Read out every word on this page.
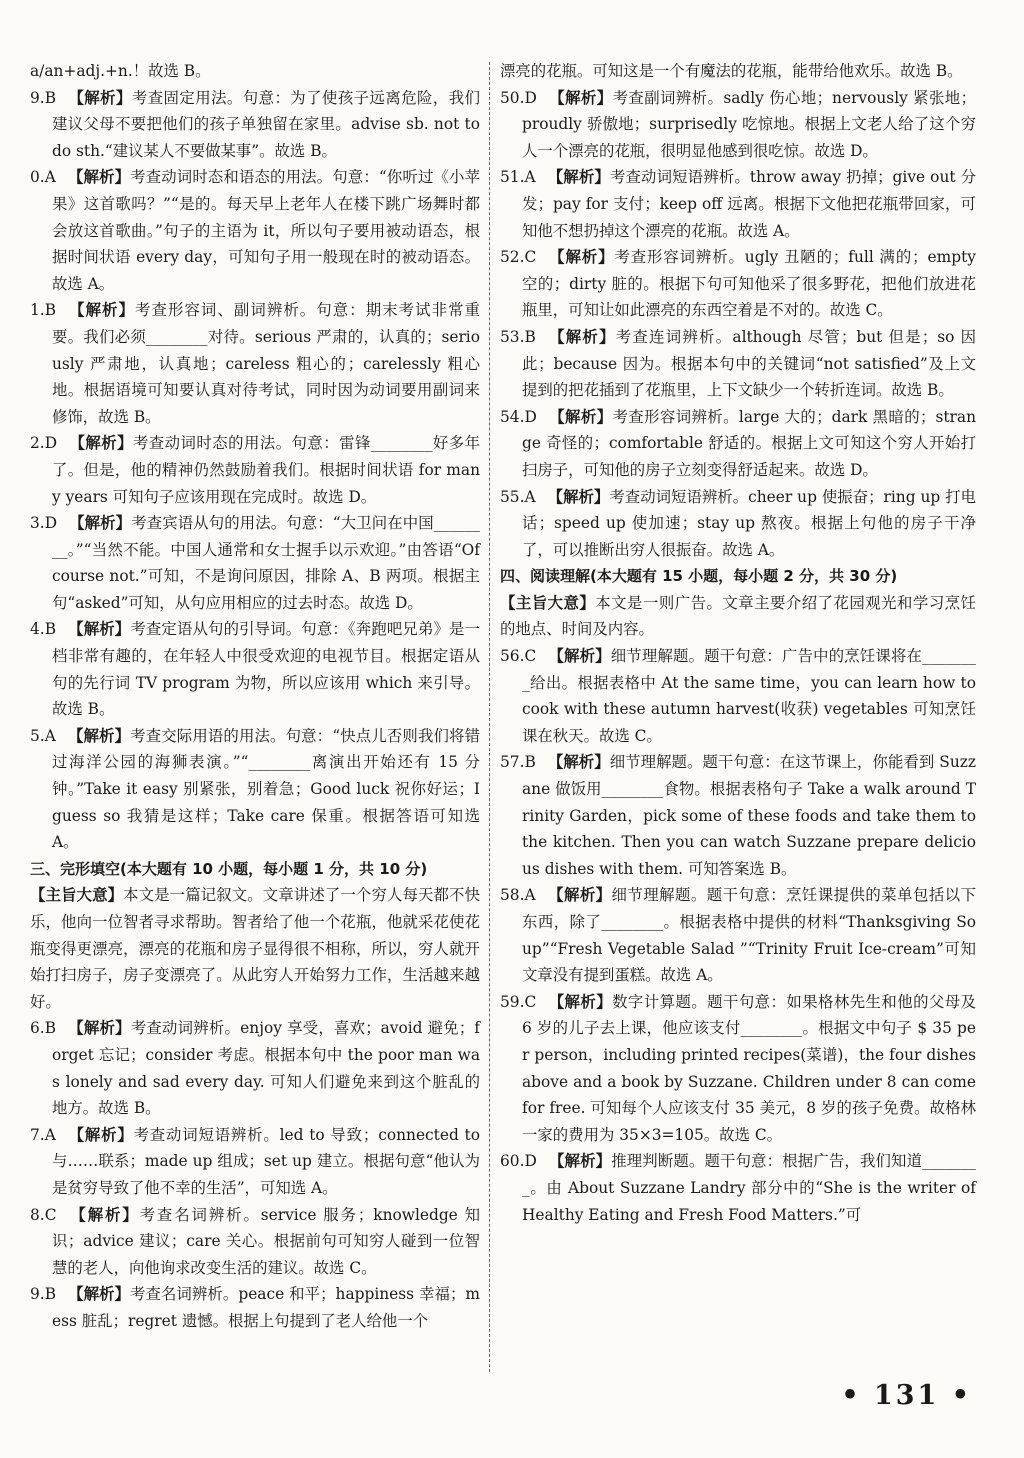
a/an+adj.+n.！故选 B。

9.B 【解析】考查固定用法。句意：为了使孩子远离危险，我们建议父母不要把他们的孩子单独留在家里。advise sb. not to do sth.“建议某人不要做某事”。故选 B。

0.A 【解析】考查动词时态和语态的用法。句意：“你听过《小苹果》这首歌吗？”“是的。每天早上老年人在楼下跳广场舞时都会放这首歌曲。”句子的主语为 it，所以句子要用被动语态，根据时间状语 every day，可知句子用一般现在时的被动语态。故选 A。

1.B 【解析】考查形容词、副词辨析。句意：期末考试非常重要。我们必须________对待。serious 严肃的，认真的；seriously 严肃地，认真地；careless 粗心的；carelessly 粗心地。根据语境可知要认真对待考试，同时因为动词要用副词来修饰，故选 B。

2.D 【解析】考查动词时态的用法。句意：雷锋________好多年了。但是，他的精神仍然鼓励着我们。根据时间状语 for many years 可知句子应该用现在完成时。故选 D。

3.D 【解析】考查宾语从句的用法。句意：“大卫问在中国________。”“当然不能。中国人通常和女士握手以示欢迎。”由答语“Of course not.”可知，不是询问原因，排除 A、B 两项。根据主句“asked”可知，从句应用相应的过去时态。故选 D。

4.B 【解析】考查定语从句的引导词。句意：《奔跑吧兄弟》是一档非常有趣的，在年轻人中很受欢迎的电视节目。根据定语从句的先行词 TV program 为物，所以应该用 which 来引导。故选 B。

5.A 【解析】考查交际用语的用法。句意：“快点儿否则我们将错过海洋公园的海狮表演。”“________离演出开始还有 15 分钟。”Take it easy 别紧张，别着急；Good luck 祝你好运；I guess so 我猜是这样；Take care 保重。根据答语可知选 A。

三、完形填空(本大题有 10 小题，每小题 1 分，共 10 分)

【主旨大意】本文是一篇记叙文。文章讲述了一个穷人每天都不快乐，他向一位智者寻求帮助。智者给了他一个花瓶，他就采花使花瓶变得更漂亮，漂亮的花瓶和房子显得很不相称，所以，穷人就开始打扫房子，房子变漂亮了。从此穷人开始努力工作，生活越来越好。

6.B 【解析】考查动词辨析。enjoy 享受，喜欢；avoid 避免；forget 忘记；consider 考虑。根据本句中 the poor man was lonely and sad every day. 可知人们避免来到这个脏乱的地方。故选 B。

7.A 【解析】考查动词短语辨析。led to 导致；connected to 与……联系；made up 组成；set up 建立。根据句意“他认为是贫穷导致了他不幸的生活”，可知选 A。

8.C 【解析】考查名词辨析。service 服务；knowledge 知识；advice 建议；care 关心。根据前句可知穷人碰到一位智慧的老人，向他询求改变生活的建议。故选 C。

9.B 【解析】考查名词辨析。peace 和平；happiness 幸福；mess 脏乱；regret 遗憾。根据上句提到了老人给他一个

漂亮的花瓶。可知这是一个有魔法的花瓶，能带给他欢乐。故选 B。

50.D 【解析】考查副词辨析。sadly 伤心地；nervously 紧张地；proudly 骄傲地；surprisedly 吃惊地。根据上文老人给了这个穷人一个漂亮的花瓶，很明显他感到很吃惊。故选 D。

51.A 【解析】考查动词短语辨析。throw away 扔掉；give out 分发；pay for 支付；keep off 远离。根据下文他把花瓶带回家，可知他不想扔掉这个漂亮的花瓶。故选 A。

52.C 【解析】考查形容词辨析。ugly 丑陋的；full 满的；empty 空的；dirty 脏的。根据下句可知他采了很多野花，把他们放进花瓶里，可知让如此漂亮的东西空着是不对的。故选 C。

53.B 【解析】考查连词辨析。although 尽管；but 但是；so 因此；because 因为。根据本句中的关键词“not satisfied”及上文提到的把花插到了花瓶里，上下文缺少一个转折连词。故选 B。

54.D 【解析】考查形容词辨析。large 大的；dark 黑暗的；strange 奇怪的；comfortable 舒适的。根据上文可知这个穷人开始打扫房子，可知他的房子立刻变得舒适起来。故选 D。

55.A 【解析】考查动词短语辨析。cheer up 使振奋；ring up 打电话；speed up 使加速；stay up 熬夜。根据上句他的房子干净了，可以推断出穷人很振奋。故选 A。

四、阅读理解(本大题有 15 小题，每小题 2 分，共 30 分)

【主旨大意】本文是一则广告。文章主要介绍了花园观光和学习烹饪的地点、时间及内容。

56.C 【解析】细节理解题。题干句意：广告中的烹饪课将在________给出。根据表格中 At the same time，you can learn how to cook with these autumn harvest(收获) vegetables 可知烹饪课在秋天。故选 C。

57.B 【解析】细节理解题。题干句意：在这节课上，你能看到 Suzzane 做饭用________食物。根据表格句子 Take a walk around Trinity Garden，pick some of these foods and take them to the kitchen. Then you can watch Suzzane prepare delicious dishes with them. 可知答案选 B。

58.A 【解析】细节理解题。题干句意：烹饪课提供的菜单包括以下东西，除了________。根据表格中提供的材料“Thanksgiving Soup”“Fresh Vegetable Salad ”“Trinity Fruit Ice-cream”可知文章没有提到蛋糕。故选 A。

59.C 【解析】数字计算题。题干句意：如果格林先生和他的父母及 6 岁的儿子去上课，他应该支付________。根据文中句子 $ 35 per person，including printed recipes(菜谱)，the four dishes above and a book by Suzzane. Children under 8 can come for free. 可知每个人应该支付 35 美元，8 岁的孩子免费。故格林一家的费用为 35×3=105。故选 C。

60.D 【解析】推理判断题。题干句意：根据广告，我们知道________。由 About Suzzane Landry 部分中的“She is the writer of Healthy Eating and Fresh Food Matters.”可

• 131 •
